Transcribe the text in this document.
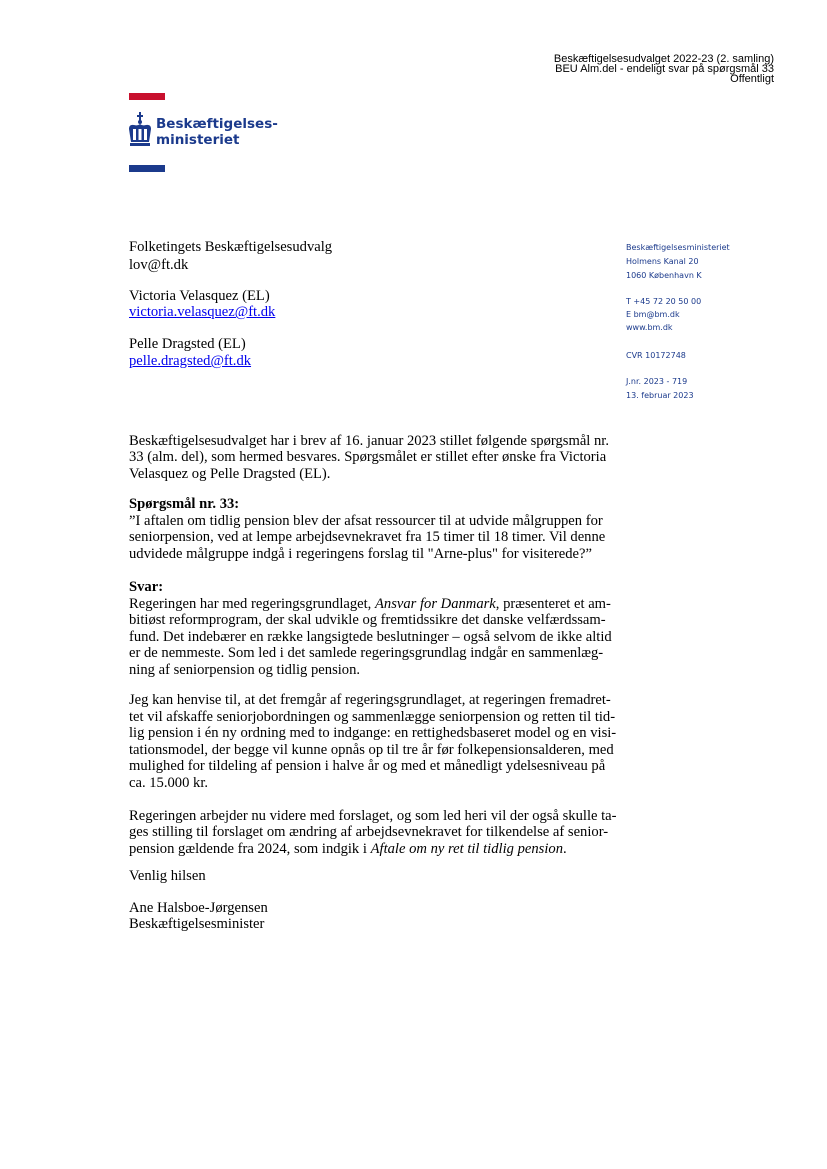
Beskæftigelsesudvalget 2022-23 (2. samling)
BEU Alm.del - endeligt svar på spørgsmål 33
Offentligt
Beskæftigelses-
ministeriet
Beskæftigelsesministeriet
Holmens Kanal 20
1060 København K
T +45 72 20 50 00
E bm@bm.dk
www.bm.dk
CVR 10172748
J.nr. 2023 - 719
13. februar 2023
Folketingets Beskæftigelsesudvalg
lov@ft.dk
Victoria Velasquez (EL)
victoria.velasquez@ft.dk
Pelle Dragsted (EL)
pelle.dragsted@ft.dk
Beskæftigelsesudvalget har i brev af 16. januar 2023 stillet følgende spørgsmål nr.
33 (alm. del), som hermed besvares. Spørgsmålet er stillet efter ønske fra Victoria
Velasquez og Pelle Dragsted (EL).
Spørgsmål nr. 33:
”I aftalen om tidlig pension blev der afsat ressourcer til at udvide målgruppen for
seniorpension, ved at lempe arbejdsevnekravet fra 15 timer til 18 timer. Vil denne
udvidede målgruppe indgå i regeringens forslag til "Arne-plus" for visiterede?”
Svar:
Regeringen har med regeringsgrundlaget, Ansvar for Danmark, præsenteret et am-
bitiøst reformprogram, der skal udvikle og fremtidssikre det danske velfærdssam-
fund. Det indebærer en række langsigtede beslutninger – også selvom de ikke altid
er de nemmeste. Som led i det samlede regeringsgrundlag indgår en sammenlæg-
ning af seniorpension og tidlig pension.
Jeg kan henvise til, at det fremgår af regeringsgrundlaget, at regeringen fremadret-
tet vil afskaffe seniorjobordningen og sammenlægge seniorpension og retten til tid-
lig pension i én ny ordning med to indgange: en rettighedsbaseret model og en visi-
tationsmodel, der begge vil kunne opnås op til tre år før folkepensionsalderen, med
mulighed for tildeling af pension i halve år og med et månedligt ydelsesniveau på
ca. 15.000 kr.
Regeringen arbejder nu videre med forslaget, og som led heri vil der også skulle ta-
ges stilling til forslaget om ændring af arbejdsevnekravet for tilkendelse af senior-
pension gældende fra 2024, som indgik i Aftale om ny ret til tidlig pension.
Venlig hilsen
Ane Halsboe-Jørgensen
Beskæftigelsesminister
